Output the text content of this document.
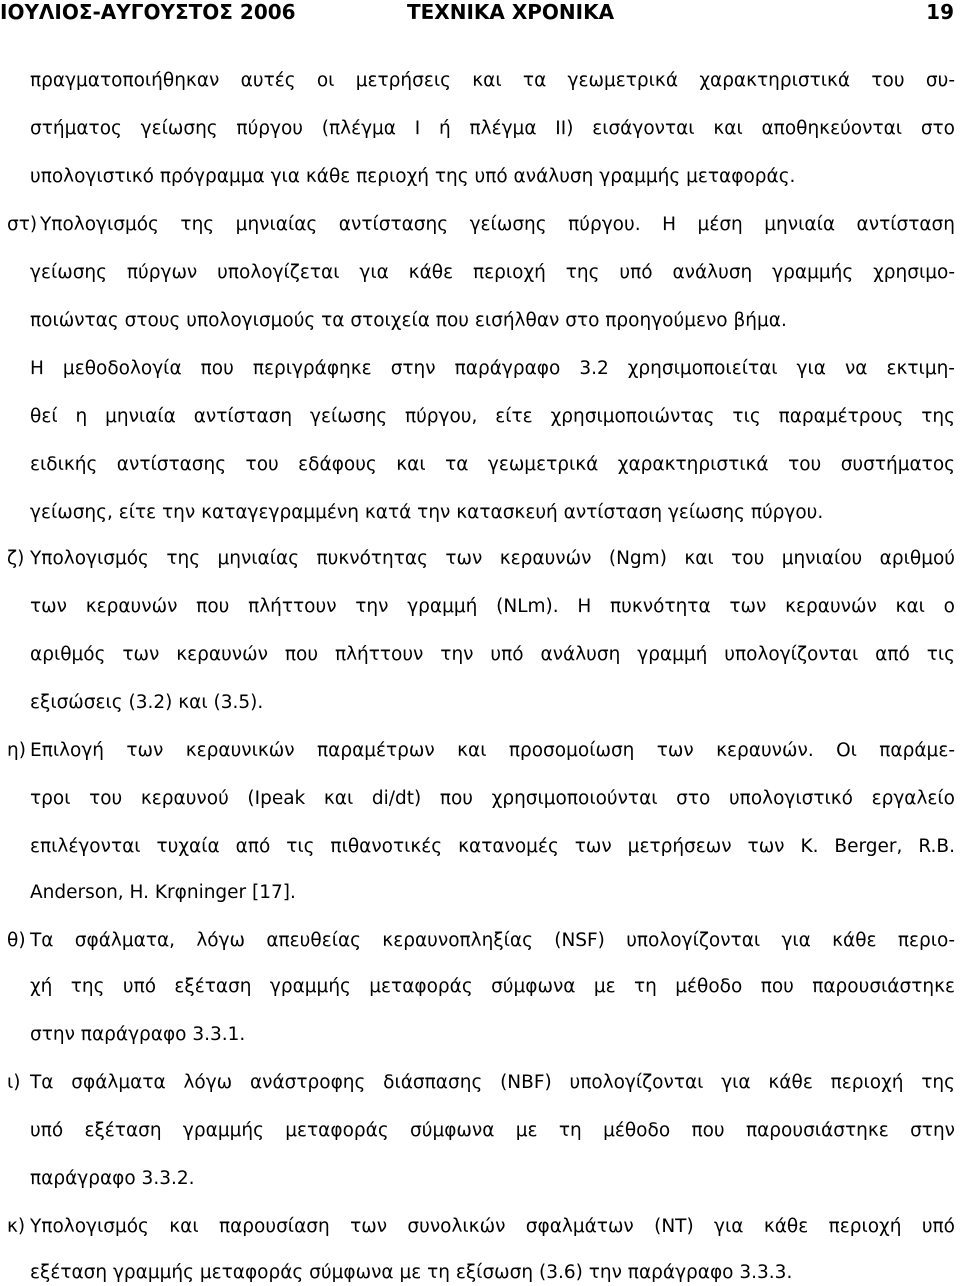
ΙΟΥΛΙΟΣ-ΑΥΓΟΥΣΤΟΣ 2006	ΤΕΧΝΙΚΑ ΧΡΟΝΙΚΑ	19
πραγματοποιήθηκαν αυτές οι μετρήσεις και τα γεωμετρικά χαρακτηριστικά του συ-
στήματος γείωσης πύργου (πλέγμα Ι ή πλέγμα ΙΙ) εισάγονται και αποθηκεύονται στο
υπολογιστικό πρόγραμμα για κάθε περιοχή της υπό ανάλυση γραμμής μεταφοράς.
στ) Υπολογισμός της μηνιαίας αντίστασης γείωσης πύργου. Η μέση μηνιαία αντίσταση
γείωσης πύργων υπολογίζεται για κάθε περιοχή της υπό ανάλυση γραμμής χρησιμο-
ποιώντας στους υπολογισμούς τα στοιχεία που εισήλθαν στο προηγούμενο βήμα.
Η μεθοδολογία που περιγράφηκε στην παράγραφο 3.2 χρησιμοποιείται για να εκτιμη-
θεί η μηνιαία αντίσταση γείωσης πύργου, είτε χρησιμοποιώντας τις παραμέτρους της
ειδικής αντίστασης του εδάφους και τα γεωμετρικά χαρακτηριστικά του συστήματος
γείωσης, είτε την καταγεγραμμένη κατά την κατασκευή αντίσταση γείωσης πύργου.
ζ) Υπολογισμός της μηνιαίας πυκνότητας των κεραυνών (Ngm) και του μηνιαίου αριθμού
των κεραυνών που πλήττουν την γραμμή (NLm). Η πυκνότητα των κεραυνών και ο
αριθμός των κεραυνών που πλήττουν την υπό ανάλυση γραμμή υπολογίζονται από τις
εξισώσεις (3.2) και (3.5).
η) Επιλογή των κεραυνικών παραμέτρων και προσομοίωση των κεραυνών. Οι παράμε-
τροι του κεραυνού (Ipeak και di/dt) που χρησιμοποιούνται στο υπολογιστικό εργαλείο
επιλέγονται τυχαία από τις πιθανοτικές κατανομές των μετρήσεων των K. Berger, R.B.
Anderson, H. Krφninger [17].
θ) Τα σφάλματα, λόγω απευθείας κεραυνοπληξίας (NSF) υπολογίζονται για κάθε περιο-
χή της υπό εξέταση γραμμής μεταφοράς σύμφωνα με τη μέθοδο που παρουσιάστηκε
στην παράγραφο 3.3.1.
ι) Τα σφάλματα λόγω ανάστροφης διάσπασης (NBF) υπολογίζονται για κάθε περιοχή της
υπό εξέταση γραμμής μεταφοράς σύμφωνα με τη μέθοδο που παρουσιάστηκε στην
παράγραφο 3.3.2.
κ) Υπολογισμός και παρουσίαση των συνολικών σφαλμάτων (NT) για κάθε περιοχή υπό
εξέταση γραμμής μεταφοράς σύμφωνα με τη εξίσωση (3.6) την παράγραφο 3.3.3.
